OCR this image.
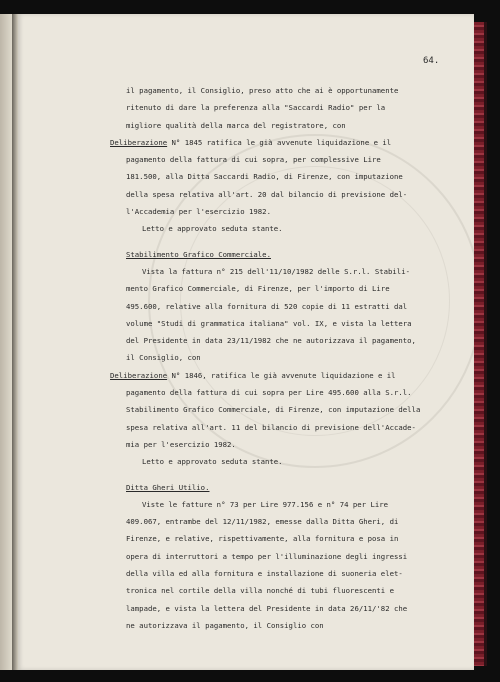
64.
il pagamento, il Consiglio, preso atto che ai è opportunamente
ritenuto di dare la preferenza alla "Saccardi Radio" per la
migliore qualità della marca del registratore, con
Deliberazione N° 1845 ratifica le già avvenute liquidazione e il
pagamento della fattura di cui sopra, per complessive Lire
181.500, alla Ditta Saccardi Radio, di Firenze, con imputazione
della spesa relativa all'art. 20 dal bilancio di previsione del-
l'Accademia per l'esercizio 1982.
Letto e approvato seduta stante.
Stabilimento Grafico Commerciale.
Vista la fattura n° 215 dell'11/10/1982 delle S.r.l. Stabili-
mento Grafico Commerciale, di Firenze, per l'importo di Lire
495.600, relative alla fornitura di 520 copie di 11 estratti dal
volume "Studi di grammatica italiana" vol. IX, e vista la lettera
del Presidente in data 23/11/1982 che ne autorizzava il pagamento,
il Consiglio, con
Deliberazione N° 1846, ratifica le già avvenute liquidazione e il
pagamento della fattura di cui sopra per Lire 495.600 alla S.r.l.
Stabilimento Grafico Commerciale, di Firenze, con imputazione della
spesa relativa all'art. 11 del bilancio di previsione dell'Accade-
mia per l'esercizio 1982.
Letto e approvato seduta stante.
Ditta Gheri Utilio.
Viste le fatture n° 73 per Lire 977.156 e n° 74 per Lire
409.067, entrambe del 12/11/1982, emesse dalla Ditta Gheri, di
Firenze, e relative, rispettivamente, alla fornitura e posa in
opera di interruttori a tempo per l'illuminazione degli ingressi
della villa ed alla fornitura e installazione di suoneria elet-
tronica nel cortile della villa nonché di tubi fluorescenti e
lampade, e vista la lettera del Presidente in data 26/11/'82 che
ne autorizzava il pagamento, il Consiglio con
